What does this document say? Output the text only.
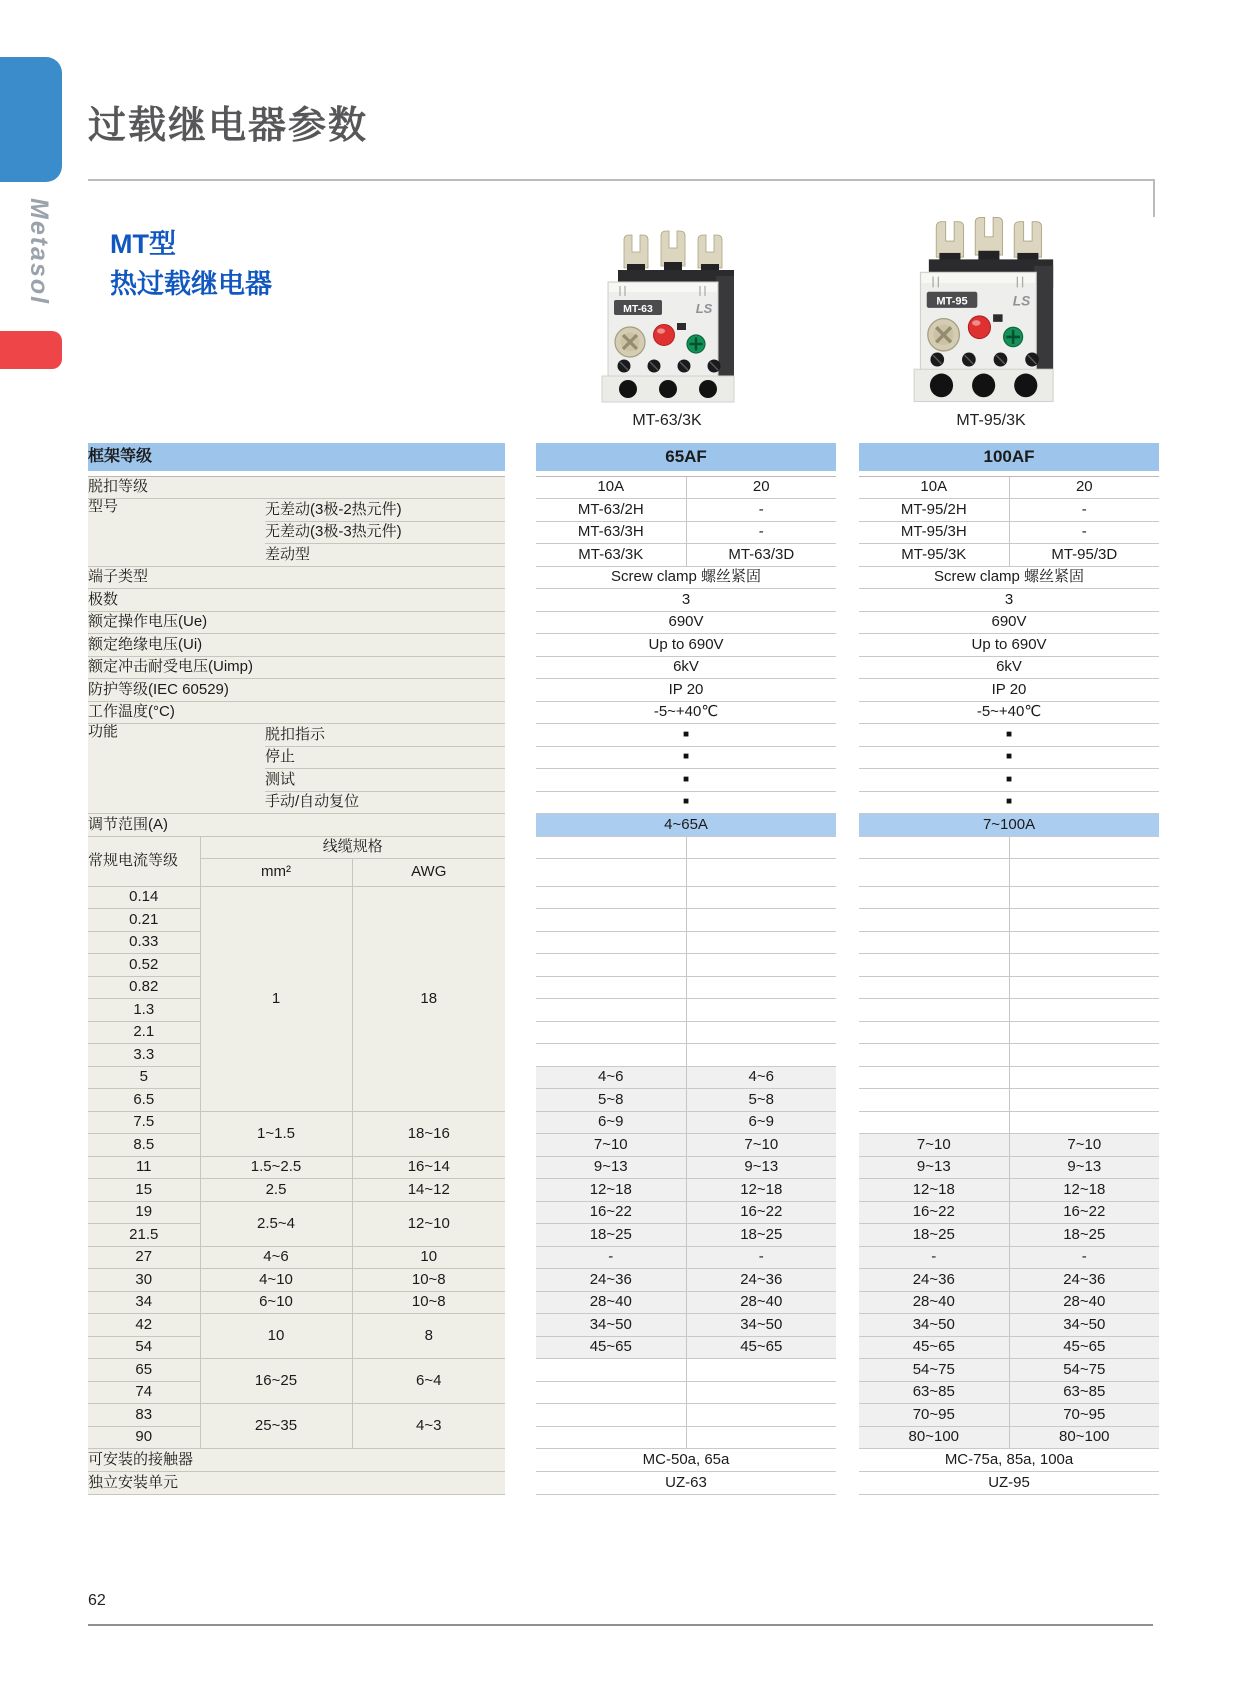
Metasol
过载继电器参数
MT型
热过载继电器
MT-63	LS	MT-95	LS
MT-63/3K	MT-95/3K
框架等级					65AF			100AF	

脱扣等级					10A	20		10A	20
型号		无差动(3极-2热元件)			MT-63/2H	-		MT-95/2H	-
		无差动(3极-3热元件)			MT-63/3H	-		MT-95/3H	-
		差动型			MT-63/3K	MT-63/3D		MT-95/3K	MT-95/3D
端子类型					Screw clamp 螺丝紧固			Screw clamp 螺丝紧固	
极数					3			3	
额定操作电压(Ue)					690V			690V	
额定绝缘电压(Ui)					Up to 690V			Up to 690V	
额定冲击耐受电压(Uimp)					6kV			6kV	
防护等级(IEC 60529)					IP 20			IP 20	
工作温度(°C)					-5~+40℃			-5~+40℃	
功能		脱扣指示			■			■	
		停止			■			■	
		测试			■			■	
		手动/自动复位			■			■	
调节范围(A)					4~65A			7~100A	
常规电流等级	线缆规格								
	mm²		AWG						
0.14	1		18						
0.21									
0.33									
0.52									
0.82									
1.3									
2.1									
3.3									
5					4~6	4~6			
6.5					5~8	5~8			
7.5	1~1.5		18~16		6~9	6~9			
8.5					7~10	7~10		7~10	7~10
11	1.5~2.5		16~14		9~13	9~13		9~13	9~13
15	2.5		14~12		12~18	12~18		12~18	12~18
19	2.5~4		12~10		16~22	16~22		16~22	16~22
21.5					18~25	18~25		18~25	18~25
27	4~6		10		-	-		-	-
30	4~10		10~8		24~36	24~36		24~36	24~36
34	6~10		10~8		28~40	28~40		28~40	28~40
42	10		8		34~50	34~50		34~50	34~50
54					45~65	45~65		45~65	45~65
65	16~25		6~4					54~75	54~75
74								63~85	63~85
83	25~35		4~3					70~95	70~95
90								80~100	80~100
可安装的接触器					MC-50a, 65a			MC-75a, 85a, 100a	
独立安装单元					UZ-63			UZ-95	
62
